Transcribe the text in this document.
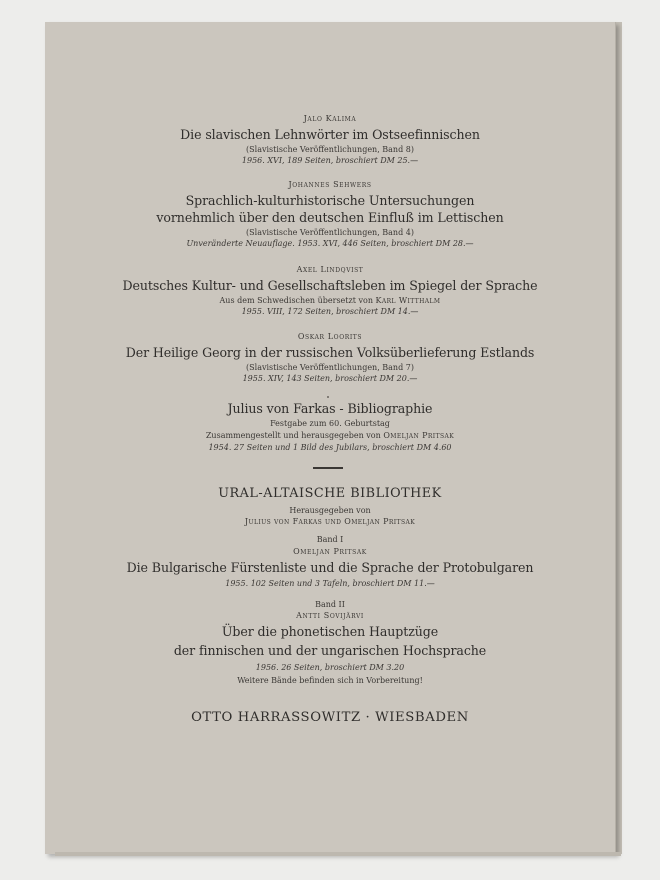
Jalo Kalima
Die slavischen Lehnwörter im Ostseefinnischen
(Slavistische Veröffentlichungen, Band 8)
1956. XVI, 189 Seiten, broschiert DM 25.—
Johannes Sehwers
Sprachlich-kulturhistorische Untersuchungen
vornehmlich über den deutschen Einfluß im Lettischen
(Slavistische Veröffentlichungen, Band 4)
Unveränderte Neuauflage. 1953. XVI, 446 Seiten, broschiert DM 28.—
Axel Lindqvist
Deutsches Kultur- und Gesellschaftsleben im Spiegel der Sprache
Aus dem Schwedischen übersetzt von Karl Witthalm
1955. VIII, 172 Seiten, broschiert DM 14.—
Oskar Loorits
Der Heilige Georg in der russischen Volksüberlieferung Estlands
(Slavistische Veröffentlichungen, Band 7)
1955. XIV, 143 Seiten, broschiert DM 20.—
Julius von Farkas - Bibliographie
Festgabe zum 60. Geburtstag
Zusammengestellt und herausgegeben von Omeljan Pritsak
1954. 27 Seiten und 1 Bild des Jubilars, broschiert DM 4.60
URAL-ALTAISCHE BIBLIOTHEK
Herausgegeben von
Julius von Farkas und Omeljan Pritsak
Band I
Omeljan Pritsak
Die Bulgarische Fürstenliste und die Sprache der Protobulgaren
1955. 102 Seiten und 3 Tafeln, broschiert DM 11.—
Band II
Antti Sovijärvi
Über die phonetischen Hauptzüge
der finnischen und der ungarischen Hochsprache
1956. 26 Seiten, broschiert DM 3.20
Weitere Bände befinden sich in Vorbereitung!
OTTO HARRASSOWITZ · WIESBADEN
